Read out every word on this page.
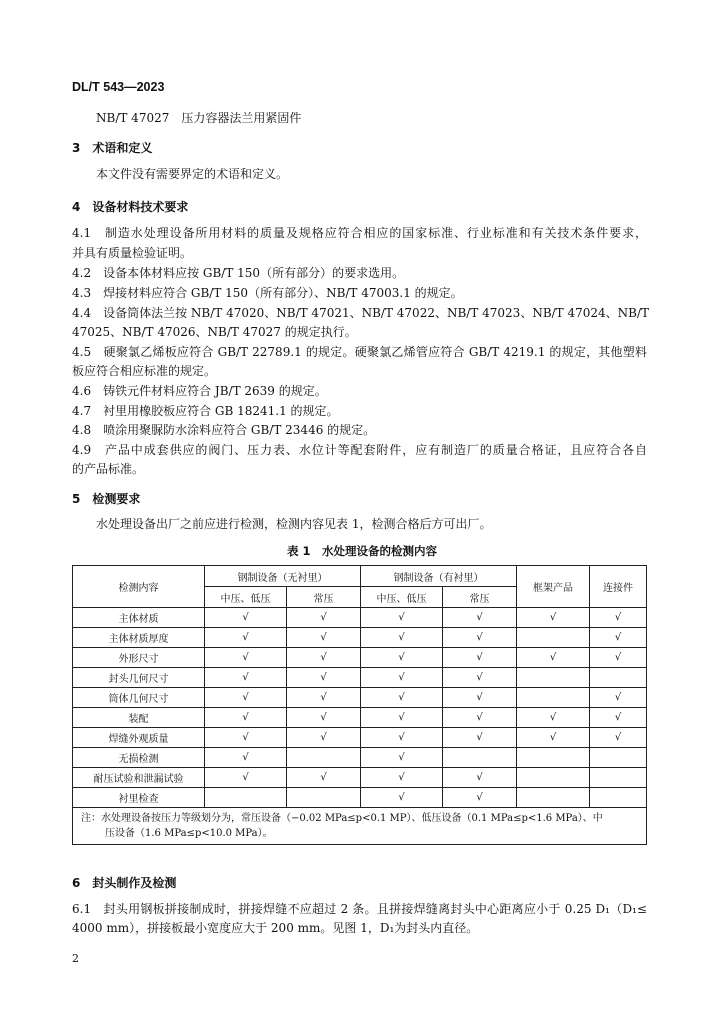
DL/T 543—2023
NB/T 47027　压力容器法兰用紧固件
3　术语和定义
本文件没有需要界定的术语和定义。
4　设备材料技术要求
4.1　制造水处理设备所用材料的质量及规格应符合相应的国家标准、行业标准和有关技术条件要求，
并具有质量检验证明。
4.2　设备本体材料应按 GB/T 150（所有部分）的要求选用。
4.3　焊接材料应符合 GB/T 150（所有部分）、NB/T 47003.1 的规定。
4.4　设备筒体法兰按 NB/T 47020、NB/T 47021、NB/T 47022、NB/T 47023、NB/T 47024、NB/T
47025、NB/T 47026、NB/T 47027 的规定执行。
4.5　硬聚氯乙烯板应符合 GB/T 22789.1 的规定。硬聚氯乙烯管应符合 GB/T 4219.1 的规定，其他塑料
板应符合相应标准的规定。
4.6　铸铁元件材料应符合 JB/T 2639 的规定。
4.7　衬里用橡胶板应符合 GB 18241.1 的规定。
4.8　喷涂用聚脲防水涂料应符合 GB/T 23446 的规定。
4.9　产品中成套供应的阀门、压力表、水位计等配套附件，应有制造厂的质量合格证，且应符合各自
的产品标准。
5　检测要求
水处理设备出厂之前应进行检测，检测内容见表 1，检测合格后方可出厂。
表 1　水处理设备的检测内容
检测内容	钢制设备（无衬里）		钢制设备（有衬里）		框架产品	连接件
	中压、低压	常压	中压、低压	常压		
主体材质	√	√	√	√	√	√
主体材质厚度	√	√	√	√		√
外形尺寸	√	√	√	√	√	√
封头几何尺寸	√	√	√	√		
筒体几何尺寸	√	√	√	√		√
装配	√	√	√	√	√	√
焊缝外观质量	√	√	√	√	√	√
无损检测	√		√			
耐压试验和泄漏试验	√	√	√	√		
衬里检查			√	√		

注：水处理设备按压力等级划分为，常压设备（−0.02 MPa≤p<0.1 MP）、低压设备（0.1 MPa≤p<1.6 MPa）、中
压设备（1.6 MPa≤p<10.0 MPa）。						
6　封头制作及检测
6.1　封头用钢板拼接制成时，拼接焊缝不应超过 2 条。且拼接焊缝离封头中心距离应小于 0.25 D₁（D₁≤
4000 mm），拼接板最小宽度应大于 200 mm。见图 1，D₁为封头内直径。
2
